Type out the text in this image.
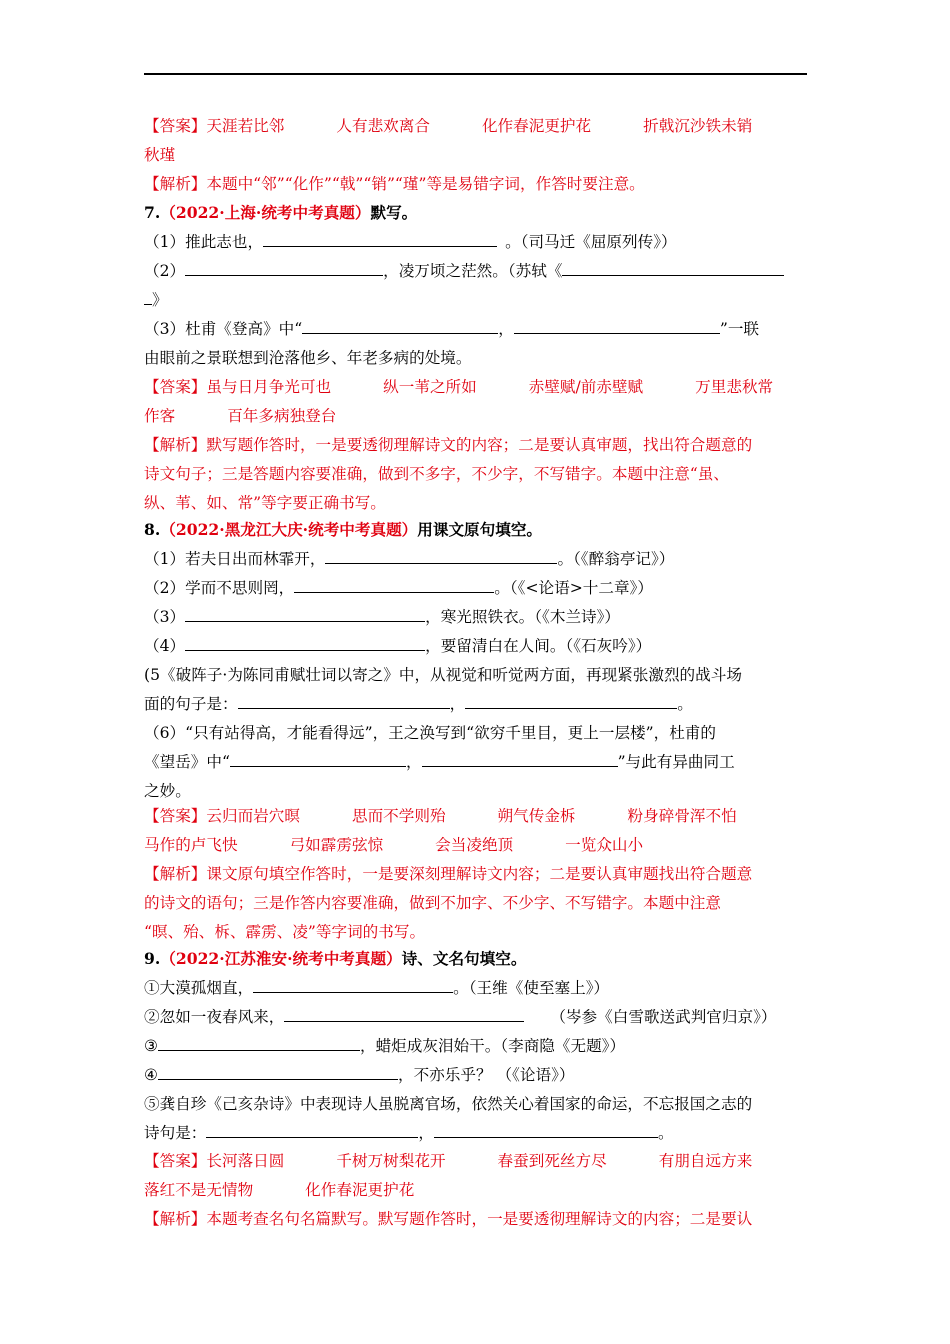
【答案】天涯若比邻	人有悲欢离合	化作春泥更护花	折戟沉沙铁未销
秋瑾
【解析】本题中“邻”“化作”“戟”“销”“瑾”等是易错字词，作答时要注意。
7.（2022·上海·统考中考真题）默写。
（1）推此志也，	。（司马迁《屈原列传》）
（2）	，凌万顷之茫然。（苏轼《
》
（3）杜甫《登高》中“	，	”一联
由眼前之景联想到沧落他乡、年老多病的处境。
【答案】虽与日月争光可也	纵一苇之所如	赤壁赋/前赤壁赋	万里悲秋常
作客	百年多病独登台
【解析】默写题作答时，一是要透彻理解诗文的内容；二是要认真审题，找出符合题意的
诗文句子；三是答题内容要准确，做到不多字，不少字，不写错字。本题中注意“虽、
纵、苇、如、常”等字要正确书写。
8.（2022·黑龙江大庆·统考中考真题）用课文原句填空。
（1）若夫日出而林霏开，	。（《醉翁亭记》）
（2）学而不思则罔，	。（《<论语>十二章》）
（3）	，寒光照铁衣。（《木兰诗》）
（4）	，要留清白在人间。（《石灰吟》）
(5《破阵子·为陈同甫赋壮词以寄之》中，从视觉和听觉两方面，再现紧张激烈的战斗场
面的句子是：	，	。
（6）“只有站得高，才能看得远”，王之涣写到“欲穷千里目，更上一层楼”，杜甫的
《望岳》中“	，	”与此有异曲同工
之妙。
【答案】云归而岩穴暝	思而不学则殆	朔气传金柝	粉身碎骨浑不怕
马作的卢飞快	弓如霹雳弦惊	会当凌绝顶	一览众山小
【解析】课文原句填空作答时，一是要深刻理解诗文内容；二是要认真审题找出符合题意
的诗文的语句；三是作答内容要准确，做到不加字、不少字、不写错字。本题中注意
“暝、殆、柝、霹雳、凌”等字词的书写。
9.（2022·江苏淮安·统考中考真题）诗、文名句填空。
①大漠孤烟直，	。（王维《使至塞上》）
②忽如一夜春风来，	（岑参《白雪歌送武判官归京》）
③	，蜡炬成灰泪始干。（李商隐《无题》）
④	，不亦乐乎？ （《论语》）
⑤龚自珍《己亥杂诗》中表现诗人虽脱离官场，依然关心着国家的命运，不忘报国之志的
诗句是：	，	。
【答案】长河落日圆	千树万树梨花开	春蚕到死丝方尽	有朋自远方来
落红不是无情物	化作春泥更护花
【解析】本题考查名句名篇默写。默写题作答时，一是要透彻理解诗文的内容；二是要认
